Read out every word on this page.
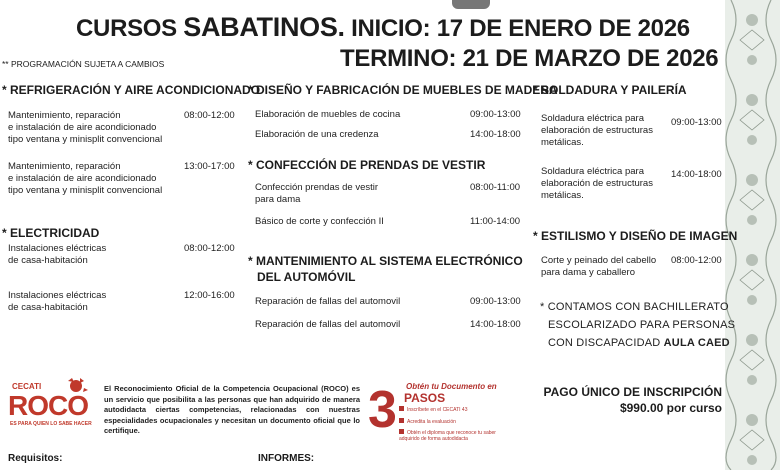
CURSOS SABATINOS. INICIO: 17 DE ENERO DE 2026
TERMINO: 21 DE MARZO DE 2026
** PROGRAMACIÓN SUJETA A CAMBIOS
* REFRIGERACIÓN Y AIRE ACONDICIONADO
Mantenimiento, reparación
e instalación de aire acondicionado
tipo ventana y minisplit convencional
08:00-12:00
Mantenimiento, reparación
e instalación de aire acondicionado
tipo ventana y minisplit convencional
13:00-17:00
* ELECTRICIDAD
Instalaciones eléctricas
de casa-habitación
08:00-12:00
Instalaciones eléctricas
de casa-habitación
12:00-16:00
* DISEÑO Y FABRICACIÓN DE MUEBLES DE MADERA
Elaboración de muebles de cocina	09:00-13:00
Elaboración de una credenza	14:00-18:00
* CONFECCIÓN DE PRENDAS DE VESTIR
Confección prendas de vestir
para dama
08:00-11:00
Básico de corte y confección II	11:00-14:00
* MANTENIMIENTO AL SISTEMA ELECTRÓNICO
DEL AUTOMÓVIL
Reparación de fallas del automovil	09:00-13:00
Reparación de fallas del automovil	14:00-18:00
* SOLDADURA Y PAILERÍA
Soldadura eléctrica para
elaboración de estructuras
metálicas.
09:00-13:00
Soldadura eléctrica para
elaboración de estructuras
metálicas.
14:00-18:00
* ESTILISMO Y DISEÑO DE IMAGEN
Corte y peinado del cabello
para dama y caballero
08:00-12:00
* CONTAMOS CON BACHILLERATO
ESCOLARIZADO PARA PERSONAS
CON DISCAPACIDAD AULA CAED
CECATI
ROCO
ES PARA QUIEN LO SABE HACER
El Reconocimiento Oficial de la Competencia Ocupacional (ROCO) es un servicio que posibilita a las personas que han adquirido de manera autodidacta ciertas competencias, relacionadas con nuestras especialidades ocupacionales y necesitan un documento oficial que lo certifique.
Obtén tu Documento en
3 PASOS
Inscríbete en el CECATI 43
Acredita la evaluación
Obtén el diploma que reconoce tu saber adquirido de forma autodidacta
PAGO ÚNICO DE INSCRIPCIÓN
$990.00 por curso
Requisitos:	INFORMES:
